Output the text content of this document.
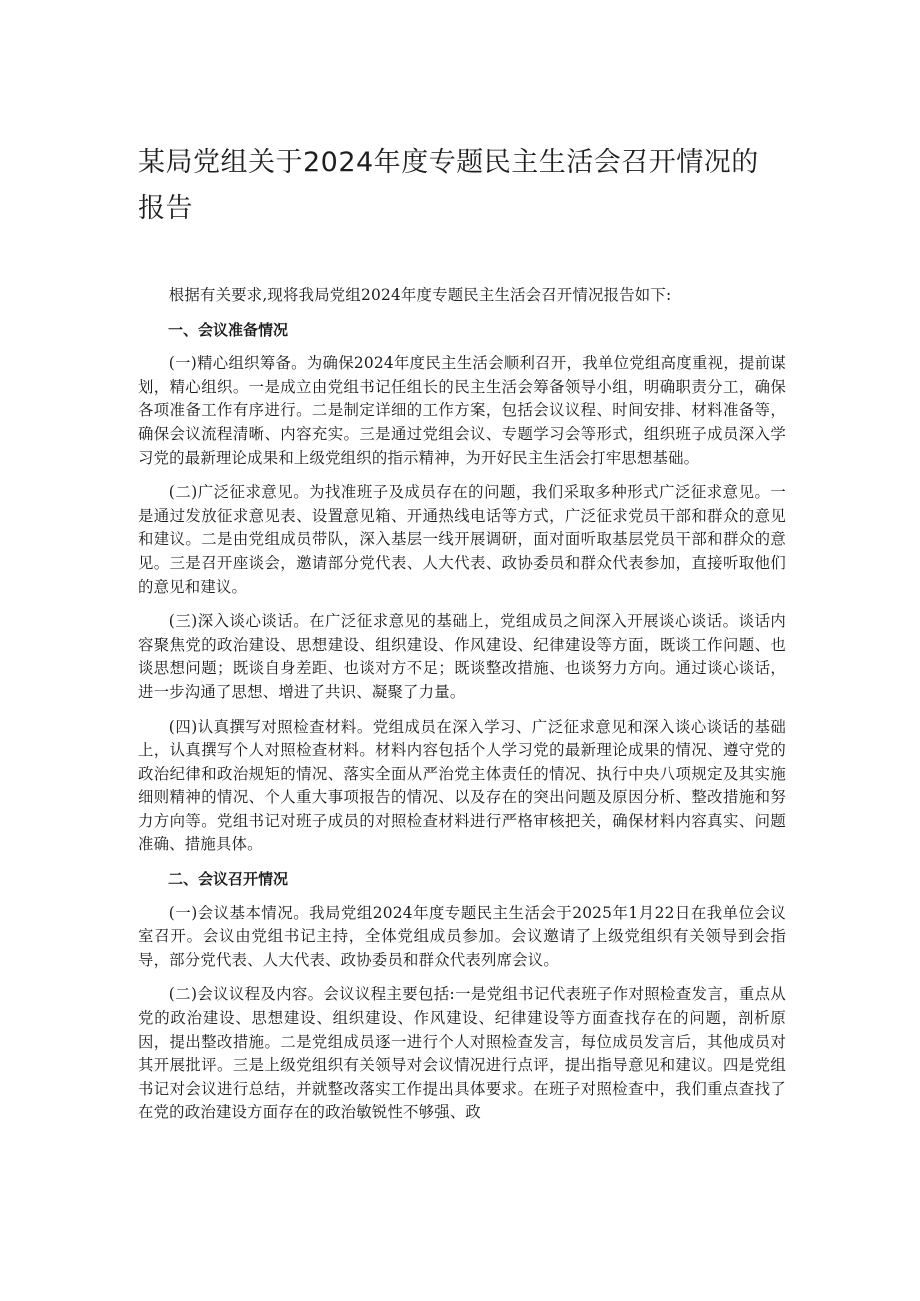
某局党组关于2024年度专题民主生活会召开情况的
报告

根据有关要求,现将我局党组2024年度专题民主生活会召开情况报告如下:

一、会议准备情况

(一)精心组织筹备。为确保2024年度民主生活会顺利召开，我单位党组高度重视，提前谋划，精心组织。一是成立由党组书记任组长的民主生活会筹备领导小组，明确职责分工，确保各项准备工作有序进行。二是制定详细的工作方案，包括会议议程、时间安排、材料准备等，确保会议流程清晰、内容充实。三是通过党组会议、专题学习会等形式，组织班子成员深入学习党的最新理论成果和上级党组织的指示精神，为开好民主生活会打牢思想基础。

(二)广泛征求意见。为找准班子及成员存在的问题，我们采取多种形式广泛征求意见。一是通过发放征求意见表、设置意见箱、开通热线电话等方式，广泛征求党员干部和群众的意见和建议。二是由党组成员带队，深入基层一线开展调研，面对面听取基层党员干部和群众的意见。三是召开座谈会，邀请部分党代表、人大代表、政协委员和群众代表参加，直接听取他们的意见和建议。

(三)深入谈心谈话。在广泛征求意见的基础上，党组成员之间深入开展谈心谈话。谈话内容聚焦党的政治建设、思想建设、组织建设、作风建设、纪律建设等方面，既谈工作问题、也谈思想问题；既谈自身差距、也谈对方不足；既谈整改措施、也谈努力方向。通过谈心谈话，进一步沟通了思想、增进了共识、凝聚了力量。

(四)认真撰写对照检查材料。党组成员在深入学习、广泛征求意见和深入谈心谈话的基础上，认真撰写个人对照检查材料。材料内容包括个人学习党的最新理论成果的情况、遵守党的政治纪律和政治规矩的情况、落实全面从严治党主体责任的情况、执行中央八项规定及其实施细则精神的情况、个人重大事项报告的情况、以及存在的突出问题及原因分析、整改措施和努力方向等。党组书记对班子成员的对照检查材料进行严格审核把关，确保材料内容真实、问题准确、措施具体。

二、会议召开情况

(一)会议基本情况。我局党组2024年度专题民主生活会于2025年1月22日在我单位会议室召开。会议由党组书记主持，全体党组成员参加。会议邀请了上级党组织有关领导到会指导，部分党代表、人大代表、政协委员和群众代表列席会议。

(二)会议议程及内容。会议议程主要包括:一是党组书记代表班子作对照检查发言，重点从党的政治建设、思想建设、组织建设、作风建设、纪律建设等方面查找存在的问题，剖析原因，提出整改措施。二是党组成员逐一进行个人对照检查发言，每位成员发言后，其他成员对其开展批评。三是上级党组织有关领导对会议情况进行点评，提出指导意见和建议。四是党组书记对会议进行总结，并就整改落实工作提出具体要求。在班子对照检查中，我们重点查找了在党的政治建设方面存在的政治敏锐性不够强、政
